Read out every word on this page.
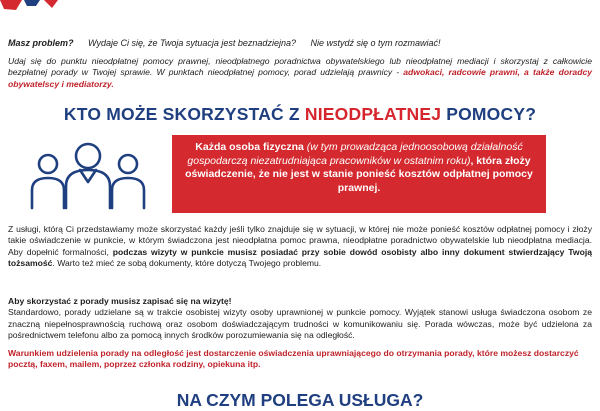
Masz problem? Wydaje Ci się, że Twoja sytuacja jest beznadziejna? Nie wstydź się o tym rozmawiać!

Udaj się do punktu nieodpłatnej pomocy prawnej, nieodpłatnego poradnictwa obywatelskiego lub nieodpłatnej mediacji i skorzystaj z całkowicie bezpłatnej porady w Twojej sprawie. W punktach nieodpłatnej pomocy, porad udzielają prawnicy - adwokaci, radcowie prawni, a także doradcy obywatelscy i mediatorzy.

KTO MOŻE SKORZYSTAĆ Z NIEODPŁATNEJ POMOCY?

Każda osoba fizyczna (w tym prowadząca jednoosobową działalność gospodarczą niezatrudniająca pracowników w ostatnim roku), która złoży oświadczenie, że nie jest w stanie ponieść kosztów odpłatnej pomocy prawnej.

Z usługi, którą Ci przedstawiamy może skorzystać każdy jeśli tylko znajduje się w sytuacji, w której nie może ponieść kosztów odpłatnej pomocy i złoży takie oświadczenie w punkcie, w którym świadczona jest nieodpłatna pomoc prawna, nieodpłatne poradnictwo obywatelskie lub nieodpłatna mediacja. Aby dopełnić formalności, podczas wizyty w punkcie musisz posiadać przy sobie dowód osobisty albo inny dokument stwierdzający Twoją tożsamość. Warto też mieć ze sobą dokumenty, które dotyczą Twojego problemu.

Aby skorzystać z porady musisz zapisać się na wizytę!
Standardowo, porady udzielane są w trakcie osobistej wizyty osoby uprawnionej w punkcie pomocy. Wyjątek stanowi usługa świadczona osobom ze znaczną niepełnosprawnością ruchową oraz osobom doświadczającym trudności w komunikowaniu się. Porada wówczas, może być udzielona za pośrednictwem telefonu albo za pomocą innych środków porozumiewania się na odległość.

Warunkiem udzielenia porady na odległość jest dostarczenie oświadczenia uprawniającego do otrzymania porady, które możesz dostarczyć pocztą, faxem, mailem, poprzez członka rodziny, opiekuna itp.

NA CZYM POLEGA USŁUGA?
